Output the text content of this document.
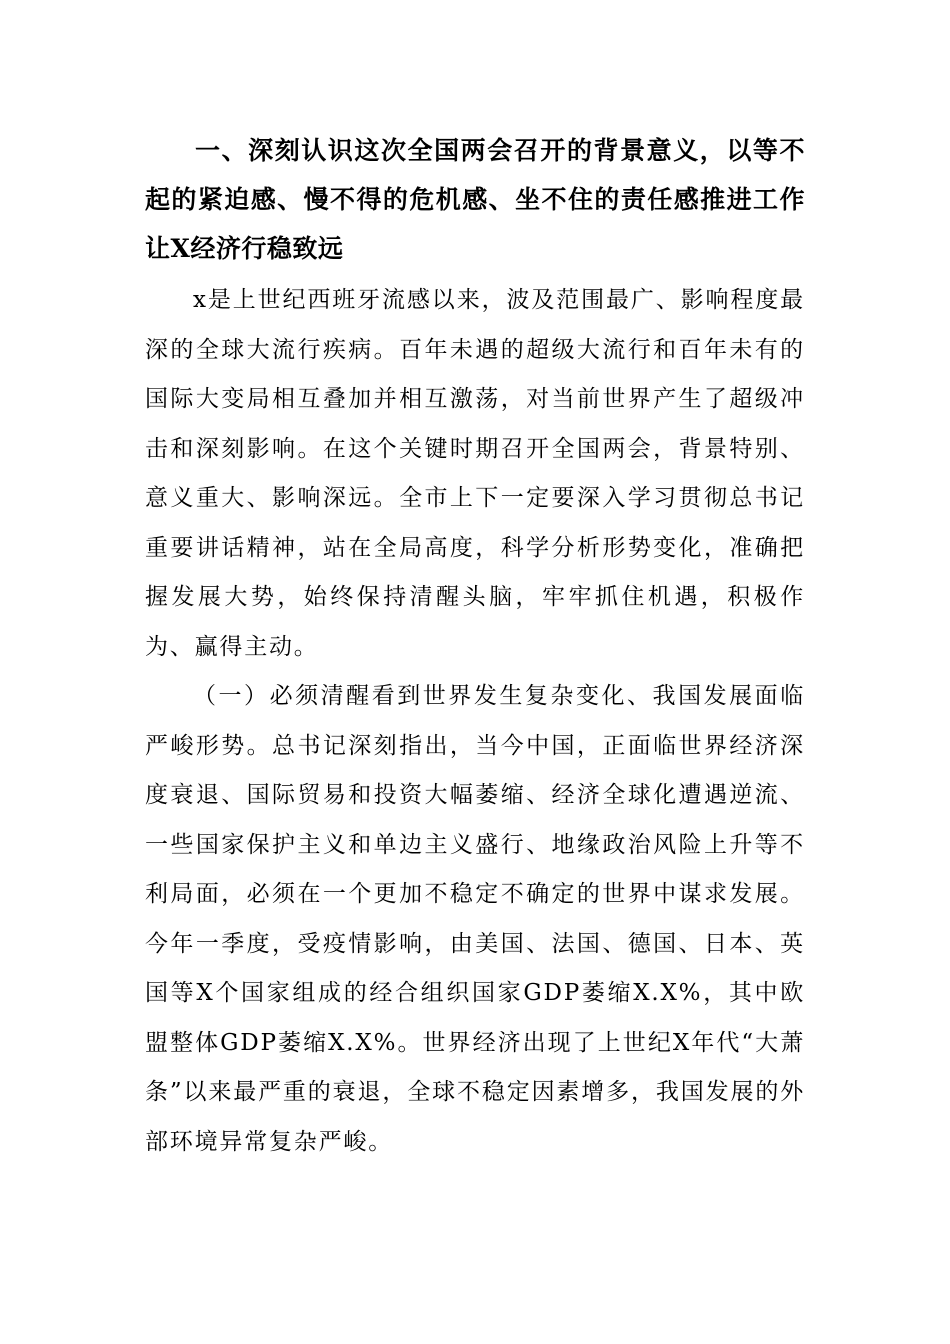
一、深刻认识这次全国两会召开的背景意义，以等不起的紧迫感、慢不得的危机感、坐不住的责任感推进工作让X经济行稳致远

x是上世纪西班牙流感以来，波及范围最广、影响程度最深的全球大流行疾病。百年未遇的超级大流行和百年未有的国际大变局相互叠加并相互激荡，对当前世界产生了超级冲击和深刻影响。在这个关键时期召开全国两会，背景特别、意义重大、影响深远。全市上下一定要深入学习贯彻总书记重要讲话精神，站在全局高度，科学分析形势变化，准确把握发展大势，始终保持清醒头脑，牢牢抓住机遇，积极作为、赢得主动。

（一）必须清醒看到世界发生复杂变化、我国发展面临严峻形势。总书记深刻指出，当今中国，正面临世界经济深度衰退、国际贸易和投资大幅萎缩、经济全球化遭遇逆流、一些国家保护主义和单边主义盛行、地缘政治风险上升等不利局面，必须在一个更加不稳定不确定的世界中谋求发展。今年一季度，受疫情影响，由美国、法国、德国、日本、英国等X个国家组成的经合组织国家GDP萎缩X.X%，其中欧盟整体GDP萎缩X.X%。世界经济出现了上世纪X年代“大萧条”以来最严重的衰退，全球不稳定因素增多，我国发展的外部环境异常复杂严峻。
